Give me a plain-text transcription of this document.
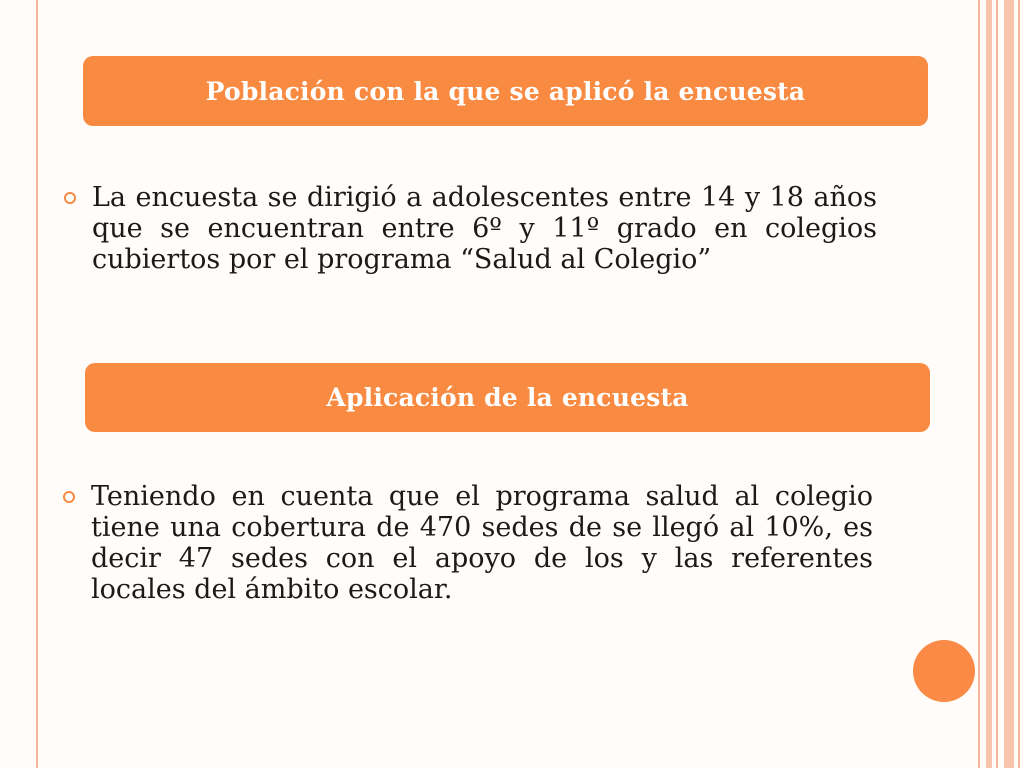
Población con la que se aplicó la encuesta
La encuesta se dirigió a adolescentes entre 14 y 18 años que se encuentran entre 6º y 11º grado en colegios cubiertos por el programa “Salud al Colegio”
Aplicación de la encuesta
Teniendo en cuenta que el programa salud al colegio tiene una cobertura de 470 sedes de se llegó al 10%, es decir 47 sedes con el apoyo de los y las referentes locales del ámbito escolar.
